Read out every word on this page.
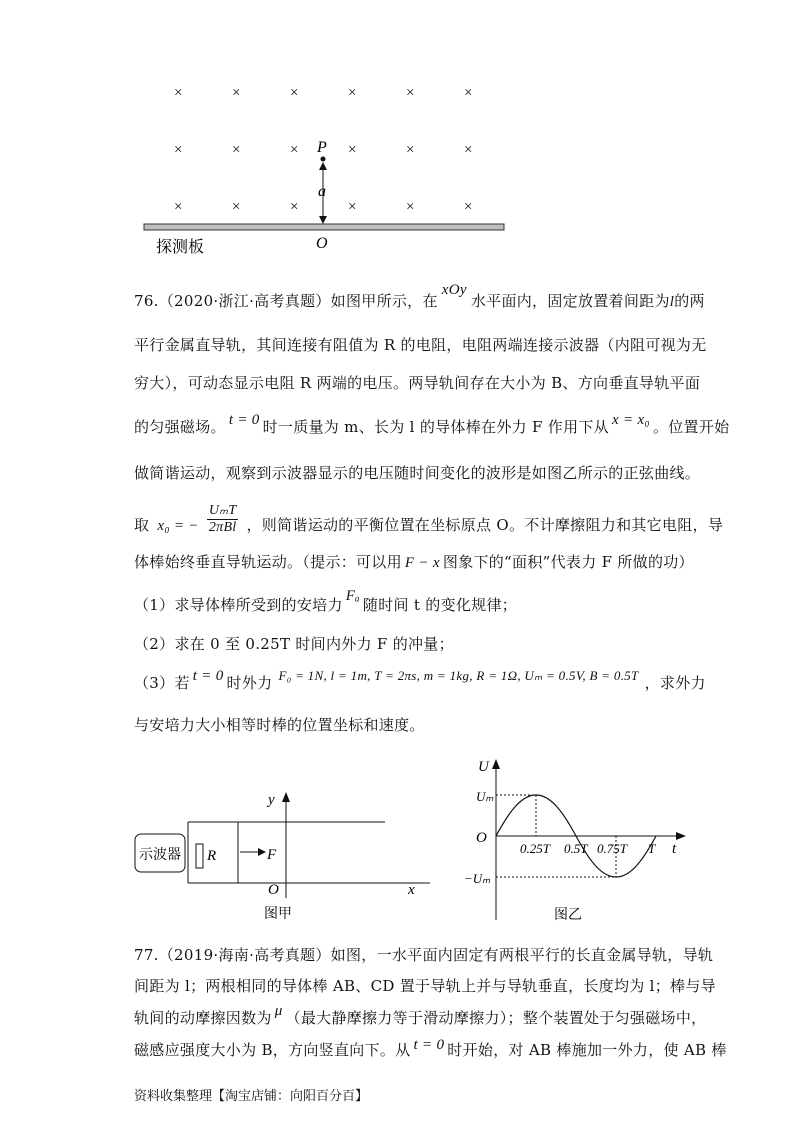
×	×	×	×	×	×
×	×	×	×	×	×
×	×	×	×	×	×
P
a
O
探测板
76.（2020·浙江·高考真题）如图甲所示，在xOy水平面内，固定放置着间距为l的两
平行金属直导轨，其间连接有阻值为 R 的电阻，电阻两端连接示波器（内阻可视为无
穷大），可动态显示电阻 R 两端的电压。两导轨间存在大小为 B、方向垂直导轨平面
的匀强磁场。 t = 0 时一质量为 m、长为 l 的导体棒在外力 F 作用下从 x = x₀ 。位置开始
做简谐运动，观察到示波器显示的电压随时间变化的波形是如图乙所示的正弦曲线。
取 x₀ = −
UₘT
2πBl ，则简谐运动的平衡位置在坐标原点 O。不计摩擦阻力和其它电阻，导
体棒始终垂直导轨运动。（提示：可以用 F − x 图象下的“面积”代表力 F 所做的功）
（1）求导体棒所受到的安培力 Fₐ 随时间 t 的变化规律；
（2）求在 0 至 0.25T 时间内外力 F 的冲量；
（3）若 t = 0 时外力 F₀ = 1N, l = 1m, T = 2πs, m = 1kg, R = 1Ω, Uₘ = 0.5V, B = 0.5T ，求外力
与安培力大小相等时棒的位置坐标和速度。
示波器 R	F
y
O	x
图甲
U
Uₘ
O
−Uₘ
0.25T 0.5T 0.75T T t
图乙
77.（2019·海南·高考真题）如图，一水平面内固定有两根平行的长直金属导轨，导轨
间距为 l；两根相同的导体棒 AB、CD 置于导轨上并与导轨垂直，长度均为 l；棒与导
轨间的动摩擦因数为 μ （最大静摩擦力等于滑动摩擦力）；整个装置处于匀强磁场中，
磁感应强度大小为 B，方向竖直向下。从 t = 0 时开始，对 AB 棒施加一外力，使 AB 棒
资料收集整理【淘宝店铺：向阳百分百】
